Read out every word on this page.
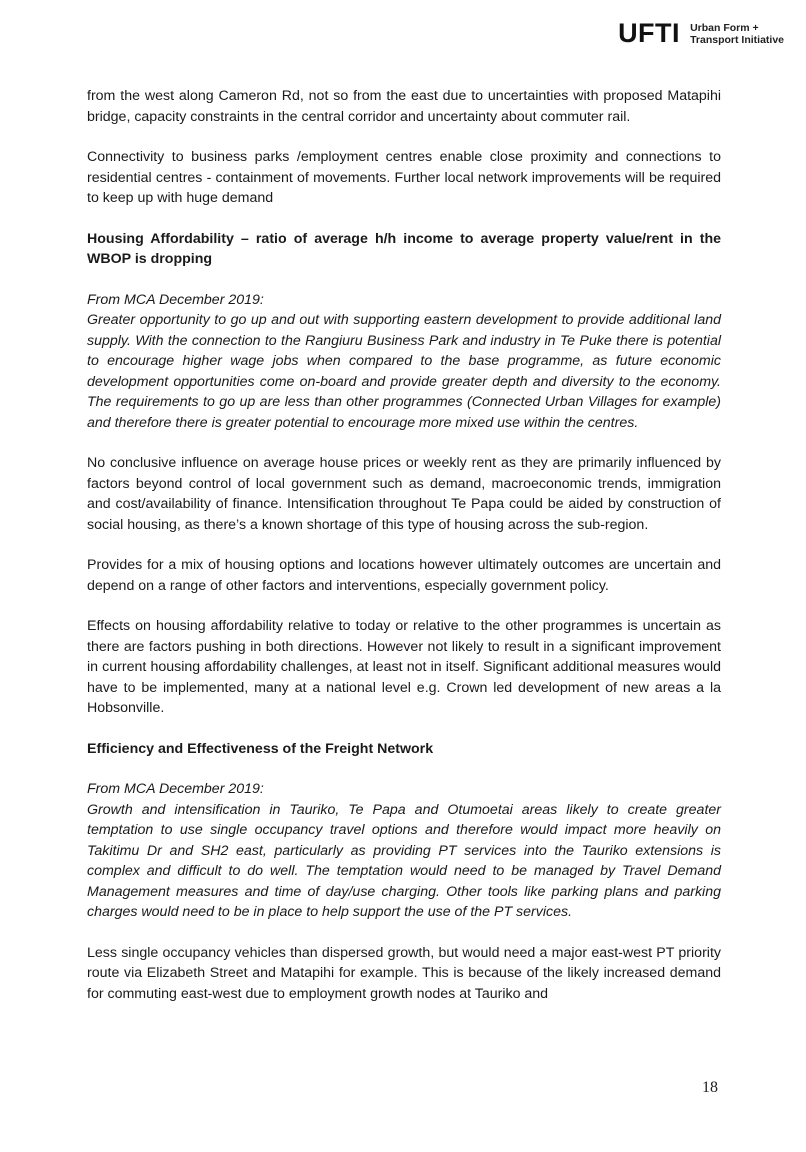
UFTI Urban Form +
Transport Initiative

from the west along Cameron Rd, not so from the east due to uncertainties with proposed Matapihi bridge, capacity constraints in the central corridor and uncertainty about commuter rail.

Connectivity to business parks /employment centres enable close proximity and connections to residential centres - containment of movements. Further local network improvements will be required to keep up with huge demand

Housing Affordability – ratio of average h/h income to average property value/rent in the WBOP is dropping

From MCA December 2019:

Greater opportunity to go up and out with supporting eastern development to provide additional land supply. With the connection to the Rangiuru Business Park and industry in Te Puke there is potential to encourage higher wage jobs when compared to the base programme, as future economic development opportunities come on-board and provide greater depth and diversity to the economy. The requirements to go up are less than other programmes (Connected Urban Villages for example) and therefore there is greater potential to encourage more mixed use within the centres.

No conclusive influence on average house prices or weekly rent as they are primarily influenced by factors beyond control of local government such as demand, macroeconomic trends, immigration and cost/availability of finance. Intensification throughout Te Papa could be aided by construction of social housing, as there’s a known shortage of this type of housing across the sub-region.

Provides for a mix of housing options and locations however ultimately outcomes are uncertain and depend on a range of other factors and interventions, especially government policy.

Effects on housing affordability relative to today or relative to the other programmes is uncertain as there are factors pushing in both directions. However not likely to result in a significant improvement in current housing affordability challenges, at least not in itself. Significant additional measures would have to be implemented, many at a national level e.g. Crown led development of new areas a la Hobsonville.

Efficiency and Effectiveness of the Freight Network

From MCA December 2019:

Growth and intensification in Tauriko, Te Papa and Otumoetai areas likely to create greater temptation to use single occupancy travel options and therefore would impact more heavily on Takitimu Dr and SH2 east, particularly as providing PT services into the Tauriko extensions is complex and difficult to do well. The temptation would need to be managed by Travel Demand Management measures and time of day/use charging. Other tools like parking plans and parking charges would need to be in place to help support the use of the PT services.

Less single occupancy vehicles than dispersed growth, but would need a major east-west PT priority route via Elizabeth Street and Matapihi for example. This is because of the likely increased demand for commuting east-west due to employment growth nodes at Tauriko and

18
